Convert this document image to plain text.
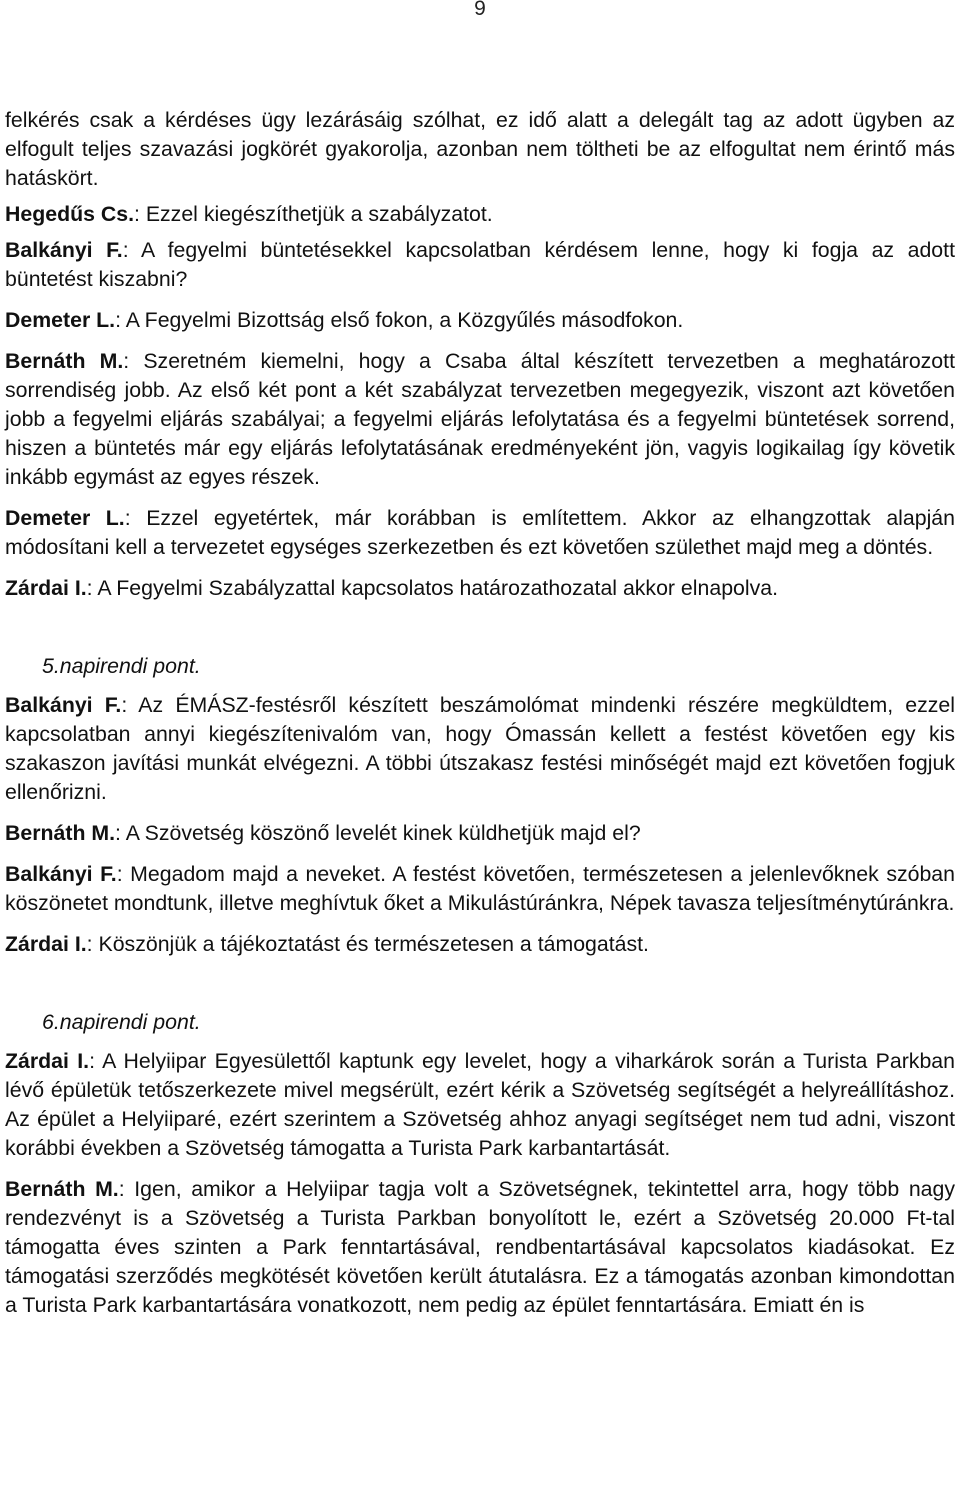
9

felkérés csak a kérdéses ügy lezárásáig szólhat, ez idő alatt a delegált tag az adott ügyben az elfogult teljes szavazási jogkörét gyakorolja, azonban nem töltheti be az elfogultat nem érintő más hatáskört.

Hegedűs Cs.: Ezzel kiegészíthetjük a szabályzatot.

Balkányi F.: A fegyelmi büntetésekkel kapcsolatban kérdésem lenne, hogy ki fogja az adott büntetést kiszabni?

Demeter L.: A Fegyelmi Bizottság első fokon, a Közgyűlés másodfokon.

Bernáth M.: Szeretném kiemelni, hogy a Csaba által készített tervezetben a meghatározott sorrendiség jobb. Az első két pont a két szabályzat tervezetben megegyezik, viszont azt követően jobb a fegyelmi eljárás szabályai; a fegyelmi eljárás lefolytatása és a fegyelmi büntetések sorrend, hiszen a büntetés már egy eljárás lefolytatásának eredményeként jön, vagyis logikailag így követik inkább egymást az egyes részek.

Demeter L.: Ezzel egyetértek, már korábban is említettem. Akkor az elhangzottak alapján módosítani kell a tervezetet egységes szerkezetben és ezt követően születhet majd meg a döntés.

Zárdai I.: A Fegyelmi Szabályzattal kapcsolatos határozathozatal akkor elnapolva.

5.napirendi pont.

Balkányi F.: Az ÉMÁSZ-festésről készített beszámolómat mindenki részére megküldtem, ezzel kapcsolatban annyi kiegészítenivalóm van, hogy Ómassán kellett a festést követően egy kis szakaszon javítási munkát elvégezni. A többi útszakasz festési minőségét majd ezt követően fogjuk ellenőrizni.

Bernáth M.: A Szövetség köszönő levelét kinek küldhetjük majd el?

Balkányi F.: Megadom majd a neveket. A festést követően, természetesen a jelenlevőknek szóban köszönetet mondtunk, illetve meghívtuk őket a Mikulástúránkra, Népek tavasza teljesítménytúránkra.

Zárdai I.: Köszönjük a tájékoztatást és természetesen a támogatást.

6.napirendi pont.

Zárdai I.: A Helyiipar Egyesülettől kaptunk egy levelet, hogy a viharkárok során a Turista Parkban lévő épületük tetőszerkezete mivel megsérült, ezért kérik a Szövetség segítségét a helyreállításhoz. Az épület a Helyiiparé, ezért szerintem a Szövetség ahhoz anyagi segítséget nem tud adni, viszont korábbi években a Szövetség támogatta a Turista Park karbantartását.

Bernáth M.: Igen, amikor a Helyiipar tagja volt a Szövetségnek, tekintettel arra, hogy több nagy rendezvényt is a Szövetség a Turista Parkban bonyolított le, ezért a Szövetség 20.000 Ft-tal támogatta éves szinten a Park fenntartásával, rendbentartásával kapcsolatos kiadásokat. Ez támogatási szerződés megkötését követően került átutalásra. Ez a támogatás azonban kimondottan a Turista Park karbantartására vonatkozott, nem pedig az épület fenntartására. Emiatt én is
